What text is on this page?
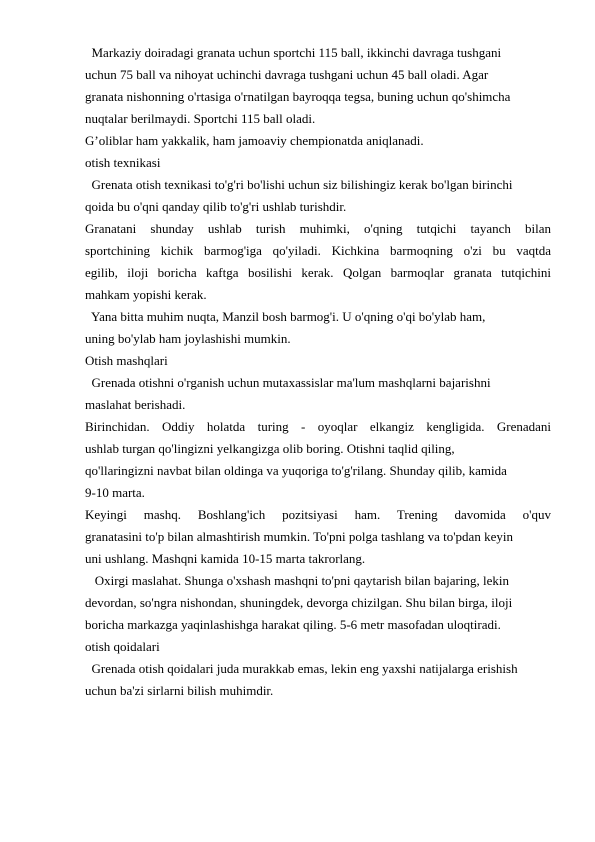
Markaziy doiradagi granata uchun sportchi 115 ball, ikkinchi davraga tushgani
uchun 75 ball va nihoyat uchinchi davraga tushgani uchun 45 ball oladi. Agar
granata nishonning o'rtasiga o'rnatilgan bayroqqa tegsa, buning uchun qo'shimcha
nuqtalar berilmaydi. Sportchi 115 ball oladi.
G’oliblar ham yakkalik, ham jamoaviy chempionatda aniqlanadi.
otish texnikasi
Grenata otish texnikasi to'g'ri bo'lishi uchun siz bilishingiz kerak bo'lgan birinchi
qoida bu o'qni qanday qilib to'g'ri ushlab turishdir.
Granatani shunday ushlab turish muhimki, o'qning tutqichi tayanch bilan
sportchining kichik barmog'iga qo'yiladi. Kichkina barmoqning o'zi bu vaqtda
egilib, iloji boricha kaftga bosilishi kerak. Qolgan barmoqlar granata tutqichini
mahkam yopishi kerak.
Yana bitta muhim nuqta, Manzil bosh barmog'i. U o'qning o'qi bo'ylab ham,
uning bo'ylab ham joylashishi mumkin.
Otish mashqlari
Grenada otishni o'rganish uchun mutaxassislar ma'lum mashqlarni bajarishni
maslahat berishadi.
Birinchidan. Oddiy holatda turing - oyoqlar elkangiz kengligida. Grenadani
ushlab turgan qo'lingizni yelkangizga olib boring. Otishni taqlid qiling,
qo'llaringizni navbat bilan oldinga va yuqoriga to'g'rilang. Shunday qilib, kamida
9-10 marta.
Keyingi mashq. Boshlang'ich pozitsiyasi ham. Trening davomida o'quv
granatasini to'p bilan almashtirish mumkin. To'pni polga tashlang va to'pdan keyin
uni ushlang. Mashqni kamida 10-15 marta takrorlang.
Oxirgi maslahat. Shunga o'xshash mashqni to'pni qaytarish bilan bajaring, lekin
devordan, so'ngra nishondan, shuningdek, devorga chizilgan. Shu bilan birga, iloji
boricha markazga yaqinlashishga harakat qiling. 5-6 metr masofadan uloqtiradi.
otish qoidalari
Grenada otish qoidalari juda murakkab emas, lekin eng yaxshi natijalarga erishish
uchun ba'zi sirlarni bilish muhimdir.
